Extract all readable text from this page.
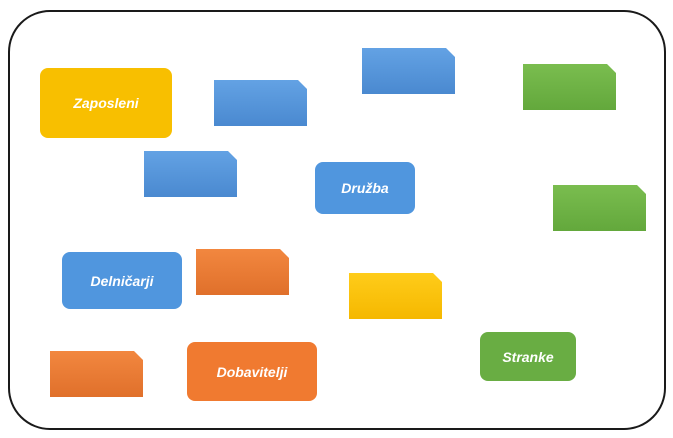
Zaposleni
Družba
Delničarji
Dobavitelji
Stranke
